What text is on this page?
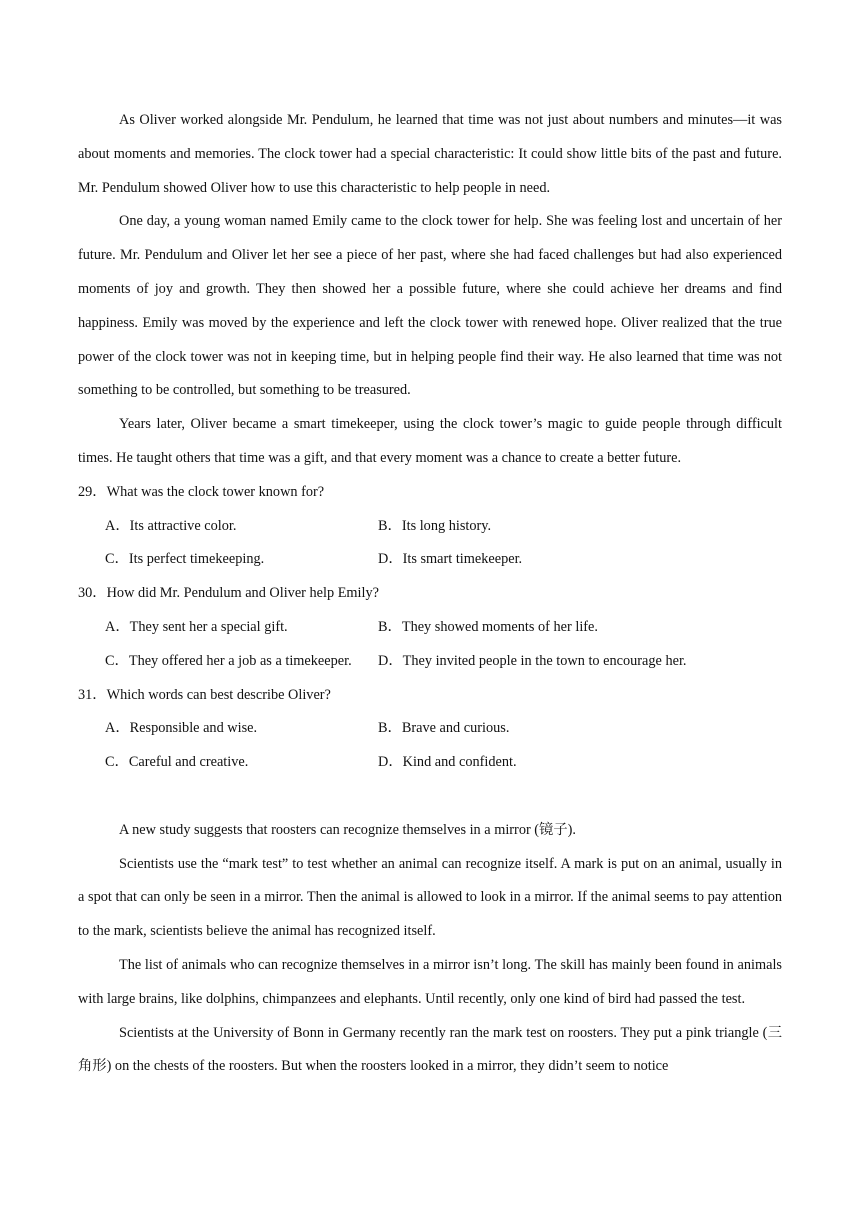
As Oliver worked alongside Mr. Pendulum, he learned that time was not just about numbers and minutes—it was about moments and memories. The clock tower had a special characteristic: It could show little bits of the past and future. Mr. Pendulum showed Oliver how to use this characteristic to help people in need.

One day, a young woman named Emily came to the clock tower for help. She was feeling lost and uncertain of her future. Mr. Pendulum and Oliver let her see a piece of her past, where she had faced challenges but had also experienced moments of joy and growth. They then showed her a possible future, where she could achieve her dreams and find happiness. Emily was moved by the experience and left the clock tower with renewed hope. Oliver realized that the true power of the clock tower was not in keeping time, but in helping people find their way. He also learned that time was not something to be controlled, but something to be treasured.

Years later, Oliver became a smart timekeeper, using the clock tower’s magic to guide people through difficult times. He taught others that time was a gift, and that every moment was a chance to create a better future.

29．What was the clock tower known for?
A．Its attractive color.	B．Its long history.
C．Its perfect timekeeping.	D．Its smart timekeeper.
30．How did Mr. Pendulum and Oliver help Emily?
A．They sent her a special gift.	B．They showed moments of her life.
C．They offered her a job as a timekeeper.	D．They invited people in the town to encourage her.
31．Which words can best describe Oliver?
A．Responsible and wise.	B．Brave and curious.
C．Careful and creative.	D．Kind and confident.

A new study suggests that roosters can recognize themselves in a mirror (镜子).

Scientists use the “mark test” to test whether an animal can recognize itself. A mark is put on an animal, usually in a spot that can only be seen in a mirror. Then the animal is allowed to look in a mirror. If the animal seems to pay attention to the mark, scientists believe the animal has recognized itself.

The list of animals who can recognize themselves in a mirror isn’t long. The skill has mainly been found in animals with large brains, like dolphins, chimpanzees and elephants. Until recently, only one kind of bird had passed the test.

Scientists at the University of Bonn in Germany recently ran the mark test on roosters. They put a pink triangle (三角形) on the chests of the roosters. But when the roosters looked in a mirror, they didn’t seem to notice
